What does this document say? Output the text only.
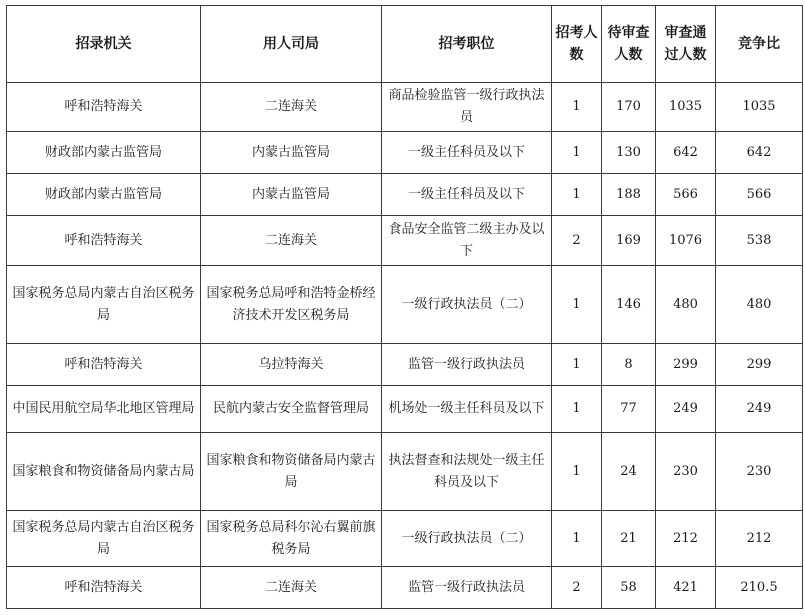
招录机关	用人司局	招考职位	招考人数	待审查人数	审查通过人数	竞争比
呼和浩特海关	二连海关	商品检验监管一级行政执法员	1	170	1035	1035
财政部内蒙古监管局	内蒙古监管局	一级主任科员及以下	1	130	642	642
财政部内蒙古监管局	内蒙古监管局	一级主任科员及以下	1	188	566	566
呼和浩特海关	二连海关	食品安全监管二级主办及以下	2	169	1076	538
国家税务总局内蒙古自治区税务局	国家税务总局呼和浩特金桥经济技术开发区税务局	一级行政执法员（二）	1	146	480	480
呼和浩特海关	乌拉特海关	监管一级行政执法员	1	8	299	299
中国民用航空局华北地区管理局	民航内蒙古安全监督管理局	机场处一级主任科员及以下	1	77	249	249
国家粮食和物资储备局内蒙古局	国家粮食和物资储备局内蒙古局	执法督查和法规处一级主任科员及以下	1	24	230	230
国家税务总局内蒙古自治区税务局	国家税务总局科尔沁右翼前旗税务局	一级行政执法员（二）	1	21	212	212
呼和浩特海关	二连海关	监管一级行政执法员	2	58	421	210.5
